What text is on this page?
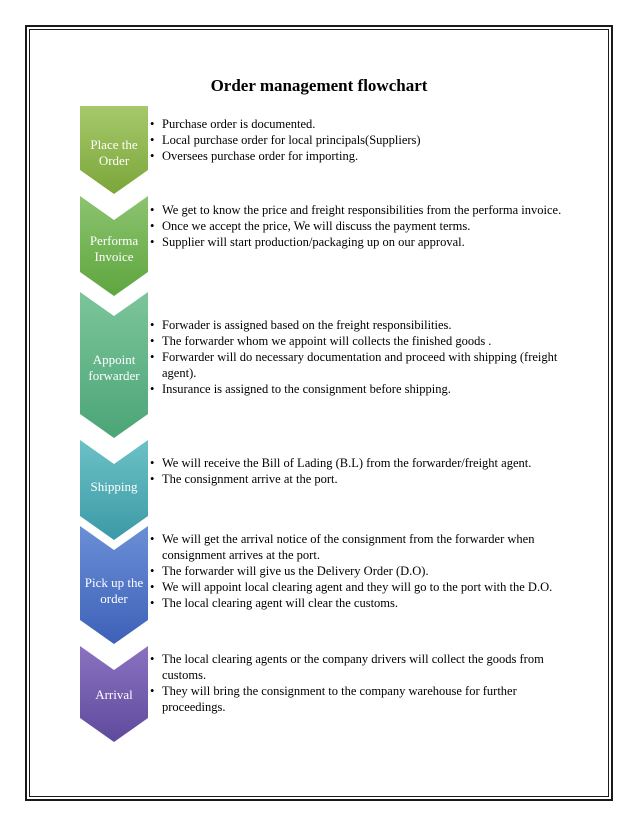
Order management flowchart
Place the Order
• Purchase order is documented.
• Local purchase order for local principals(Suppliers)
• Oversees purchase order for importing.
Performa Invoice
• We get to know the price and freight responsibilities from the performa invoice.
• Once we accept the price, We will discuss the payment terms.
• Supplier will start production/packaging up on our approval.
Appoint forwarder
• Forwader is assigned based on the freight responsibilities.
• The forwarder whom we appoint will collects the finished goods .
• Forwarder will do necessary documentation and proceed with shipping (freight agent).
• Insurance is assigned to the consignment before shipping.
Shipping
• We will receive the Bill of Lading (B.L) from the forwarder/freight agent.
• The consignment arrive at the port.
Pick up the order
• We will get the arrival notice of the consignment from the forwarder when consignment arrives at the port.
• The forwarder will give us the Delivery Order (D.O).
• We will appoint local clearing agent and they will go to the port with the D.O.
• The local clearing agent will clear the customs.
Arrival
• The local clearing agents or the company drivers will collect the goods from customs.
• They will bring the consignment to the company warehouse for further proceedings.
